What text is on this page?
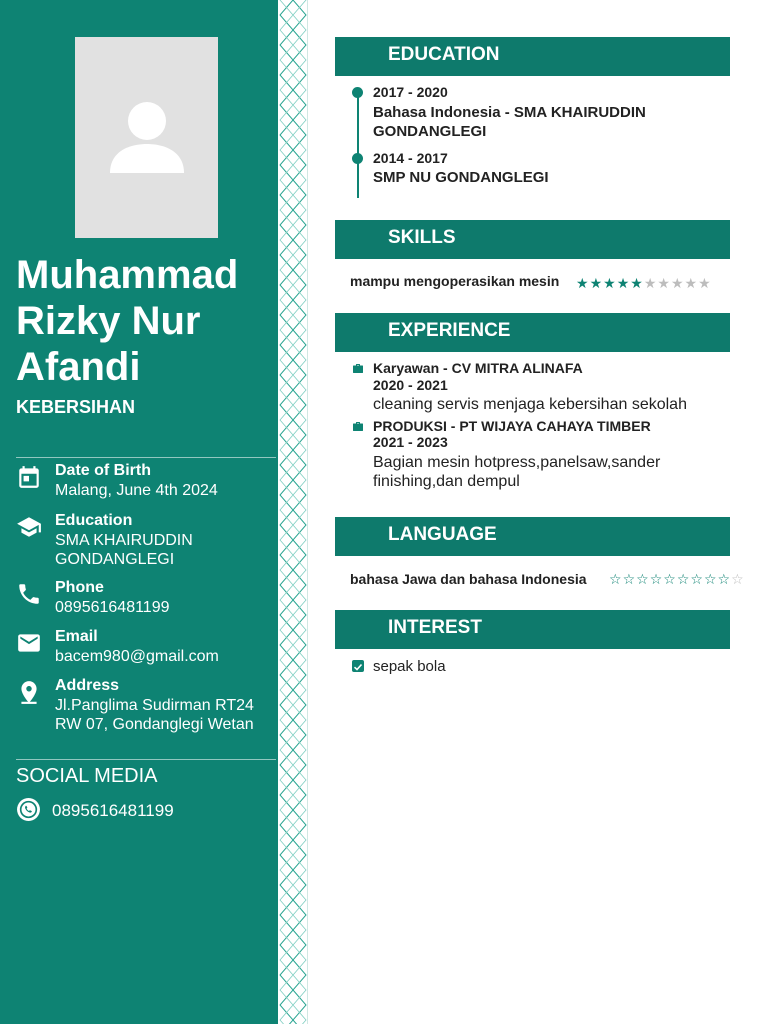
Muhammad Rizky Nur Afandi
KEBERSIHAN
Date of Birth
Malang, June 4th 2024
Education
SMA KHAIRUDDIN GONDANGLEGI
Phone
0895616481199
Email
bacem980@gmail.com
Address
Jl.Panglima Sudirman RT24 RW 07, Gondanglegi Wetan
SOCIAL MEDIA
0895616481199
EDUCATION
2017 - 2020
Bahasa Indonesia - SMA KHAIRUDDIN GONDANGLEGI
2014 - 2017
SMP NU GONDANGLEGI
SKILLS
mampu mengoperasikan mesin ★★★★★★★★★★
EXPERIENCE
Karyawan - CV MITRA ALINAFA
2020 - 2021
cleaning servis menjaga kebersihan sekolah
PRODUKSI - PT WIJAYA CAHAYA TIMBER
2021 - 2023
Bagian mesin hotpress,panelsaw,sander finishing,dan dempul
LANGUAGE
bahasa Jawa dan bahasa Indonesia ☆☆☆☆☆☆☆☆☆☆
INTEREST
sepak bola
